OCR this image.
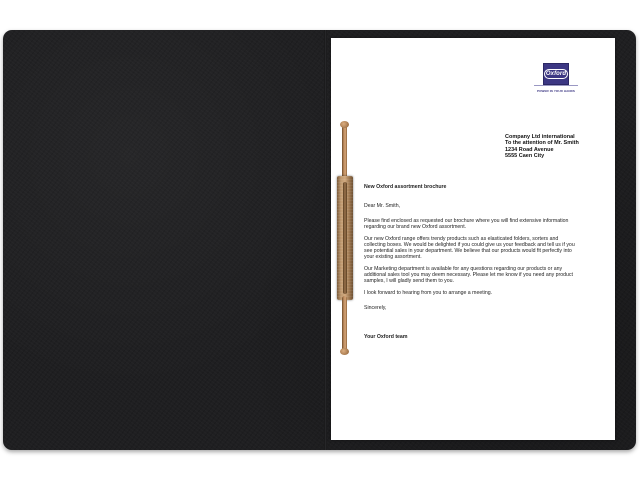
Oxford
POWER IN YOUR HANDS
Company Ltd international
To the attention of Mr. Smith
1234 Road Avenue
5555 Caen City

New Oxford assortment brochure

Dear Mr. Smith,

Please find enclosed as requested our brochure where you will find extensive information regarding our brand new Oxford assortment.

Our new Oxford range offers trendy products such as elasticated folders, sorters and collecting boxes. We would be delighted if you could give us your feedback and tell us if you see potential sales in your department. We believe that our products would fit perfectly into your existing assortment.

Our Marketing department is available for any questions regarding our products or any additional sales tool you may deem necessary. Please let me know if you need any product samples, I will gladly send them to you.

I look forward to hearing from you to arrange a meeting.

Sincerely,

Your Oxford team
